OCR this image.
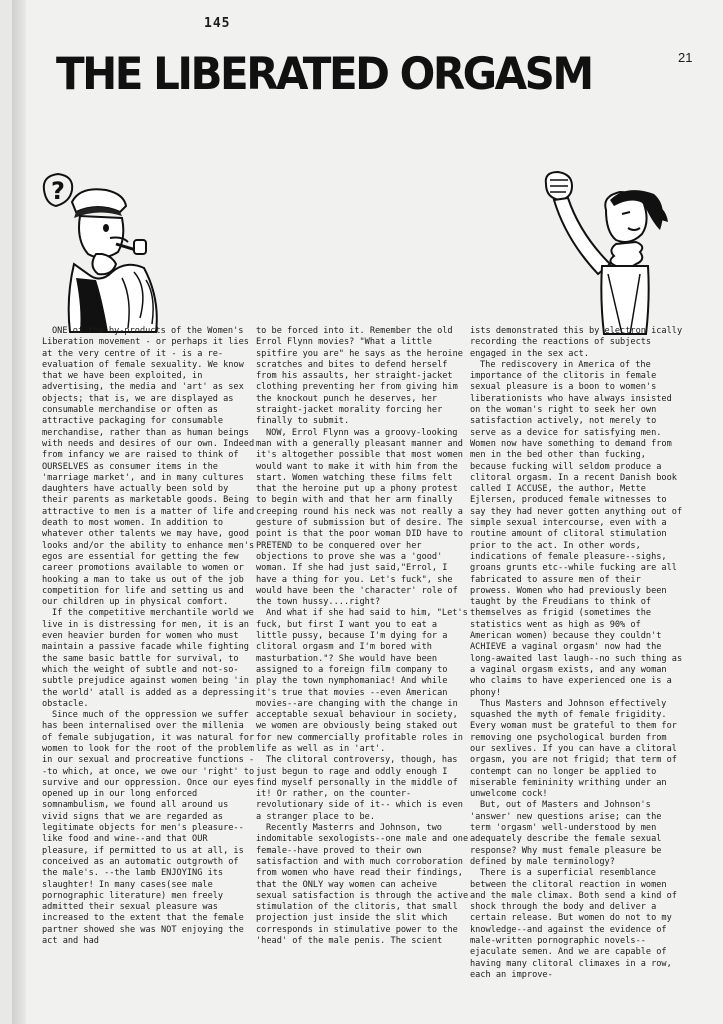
145
THE LIBERATED ORGASM	21
?

ONE of the by-products of the Women's Liberation movement - or perhaps it lies at the very centre of it - is a re-evaluation of female sexuality. We know that we have been exploited, in advertising, the media and 'art' as sex objects; that is, we are displayed as consumable merchandise or often as attractive packaging for consumable merchandise, rather than as human beings with needs and desires of our own. Indeed from infancy we are raised to think of OURSELVES as consumer items in the 'marriage market', and in many cultures daughters have actually been sold by their parents as marketable goods. Being attractive to men is a matter of life and death to most women. In addition to whatever other talents we may have, good looks and/or the ability to enhance men's egos are essential for getting the few career promotions available to women or hooking a man to take us out of the job competition for life and setting us and our children up in physical comfort.

If the competitive merchantile world we live in is distressing for men, it is an even heavier burden for women who must maintain a passive facade while fighting the same basic battle for survival, to which the weight of subtle and not-so-subtle prejudice against women being 'in the world' atall is added as a depressing obstacle.

Since much of the oppression we suffer has been internalised over the millenia of female subjugation, it was natural for women to look for the root of the problem in our sexual and procreative functions --to which, at once, we owe our 'right' to survive and our oppression. Once our eyes opened up in our long enforced somnambulism, we found all around us vivid signs that we are regarded as legitimate objects for men's pleasure--like food and wine--and that OUR pleasure, if permitted to us at all, is conceived as an automatic outgrowth of the male's. --the lamb ENJOYING its slaughter! In many cases(see male pornographic literature) men freely admitted their sexual pleasure was increased to the extent that the female partner showed she was NOT enjoying the act and had

to be forced into it. Remember the old Errol Flynn movies? "What a little spitfire you are" he says as the heroine scratches and bites to defend herself from his assaults, her straight-jacket clothing preventing her from giving him the knockout punch he deserves, her straight-jacket morality forcing her finally to submit.

NOW, Errol Flynn was a groovy-looking man with a generally pleasant manner and it's altogether possible that most women would want to make it with him from the start. Women watching these films felt that the heroine put up a phony protest to begin with and that her arm finally creeping round his neck was not really a gesture of submission but of desire. The point is that the poor woman DID have to PRETEND to be conquered over her objections to prove she was a 'good' woman. If she had just said,"Errol, I have a thing for you. Let's fuck", she would have been the 'character' role of the town hussy....right?

And what if she had said to him, "Let's fuck, but first I want you to eat a little pussy, because I'm dying for a clitoral orgasm and I'm bored with masturbation."? She would have been assigned to a foreign film company to play the town nymphomaniac! And while it's true that movies --even American movies--are changing with the change in acceptable sexual behaviour in society, we women are obviously being staked out for new commercially profitable roles in life as well as in 'art'.

The clitoral controversy, though, has just begun to rage and oddly enough I find myself personally in the middle of it! Or rather, on the counter-revolutionary side of it-- which is even a stranger place to be.

Recently Masterrs and Johnson, two indomitable sexologists--one male and one female--have proved to their own satisfaction and with much corroboration from women who have read their findings, that the ONLY way women can acheive sexual satisfaction is through the active stimulation of the clitoris, that small projection just inside the slit which corresponds in stimulative power to the 'head' of the male penis. The scient

ists demonstrated this by electron ically recording the reactions of subjects engaged in the sex act.

The rediscovery in America of the importance of the clitoris in female sexual pleasure is a boon to women's liberationists who have always insisted on the woman's right to seek her own satisfaction actively, not merely to serve as a device for satisfying men. Women now have something to demand from men in the bed other than fucking, because fucking will seldom produce a clitoral orgasm. In a recent Danish book called I ACCUSE, the author, Mette Ejlersen, produced female witnesses to say they had never gotten anything out of simple sexual intercourse, even with a routine amount of clitoral stimulation prior to the act. In other words, indications of female pleasure--sighs, groans grunts etc--while fucking are all fabricated to assure men of their prowess. Women who had previously been taught by the Freudians to think of themselves as frigid (sometimes the statistics went as high as 90% of American women) because they couldn't ACHIEVE a vaginal orgasm' now had the long-awaited last laugh--no such thing as a vaginal orgasm exists, and any woman who claims to have experienced one is a phony!

Thus Masters and Johnson effectively squashed the myth of female frigidity. Every woman must be grateful to them for removing one psychological burden from our sexlives. If you can have a clitoral orgasm, you are not frigid; that term of contempt can no longer be applied to miserable femininity writhing under an unwelcome cock!

But, out of Masters and Johnson's 'answer' new questions arise; can the term 'orgasm' well-understood by men adequately describe the female sexual response? Why must female pleasure be defined by male terminology?

There is a superficial resemblance between the clitoral reaction in women and the male climax. Both send a kind of shock through the body and deliver a certain release. But women do not to my knowledge--and against the evidence of male-written pornographic novels--ejaculate semen. And we are capable of having many clitoral climaxes in a row, each an improve-
